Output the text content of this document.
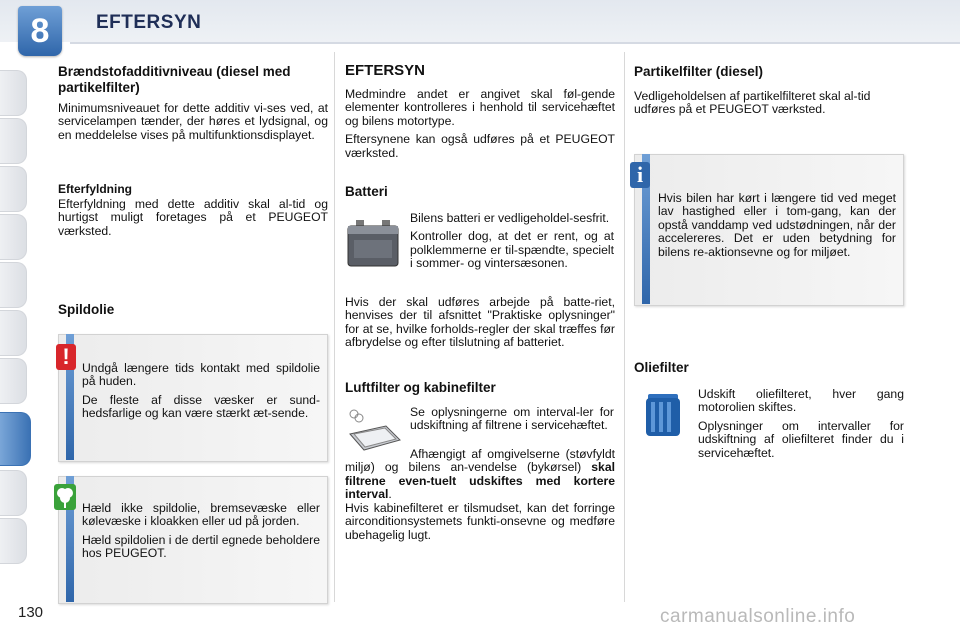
8	EFTERSYN
Brændstofadditivniveau (diesel med partikelfilter)

Minimumsniveauet for dette additiv vi-ses ved, at servicelampen tænder, der høres et lydsignal, og en meddelelse vises på multifunktionsdisplayet.

Efterfyldning

Efterfyldning med dette additiv skal al-tid og hurtigst muligt foretages på et PEUGEOT værksted.

Spildolie
!	Undgå længere tids kontakt med spildolie på huden.

De fleste af disse væsker er sund-hedsfarlige og kan være stærkt æt-sende.

Hæld ikke spildolie, bremsevæske eller kølevæske i kloakken eller ud på jorden.

Hæld spildolien i de dertil egnede beholdere hos PEUGEOT.

EFTERSYN

Medmindre andet er angivet skal føl-gende elementer kontrolleres i henhold til servicehæftet og bilens motortype.

Eftersynene kan også udføres på et PEUGEOT værksted.

Batteri

Bilens batteri er vedligeholdel-sesfrit.

Kontroller dog, at det er rent, og at polklemmerne er til-spændte, specielt i sommer- og vintersæsonen.

Hvis der skal udføres arbejde på batte-riet, henvises der til afsnittet "Praktiske oplysninger" for at se, hvilke forholds-regler der skal træffes før afbrydelse og efter tilslutning af batteriet.

Luftfilter og kabinefilter

Se oplysningerne om interval-ler for udskiftning af filtrene i servicehæftet.

Afhængigt af omgivelserne (støvfyldt miljø) og bilens an-vendelse (bykørsel) skal filtrene even-tuelt udskiftes med kortere interval.

Hvis kabinefilteret er tilsmudset, kan det forringe airconditionsystemets funkti-onsevne og medføre ubehagelig lugt.

Partikelfilter (diesel)

Vedligeholdelsen af partikelfilteret skal al-tid udføres på et PEUGEOT værksted.

i

Hvis bilen har kørt i længere tid ved meget lav hastighed eller i tom-gang, kan der opstå vanddamp ved udstødningen, når der accelereres. Det er uden betydning for bilens re-aktionsevne og for miljøet.

Oliefilter

Udskift oliefilteret, hver gang motorolien skiftes.

Oplysninger om intervaller for udskiftning af oliefilteret finder du i servicehæftet.

130	carmanualsonline.info
